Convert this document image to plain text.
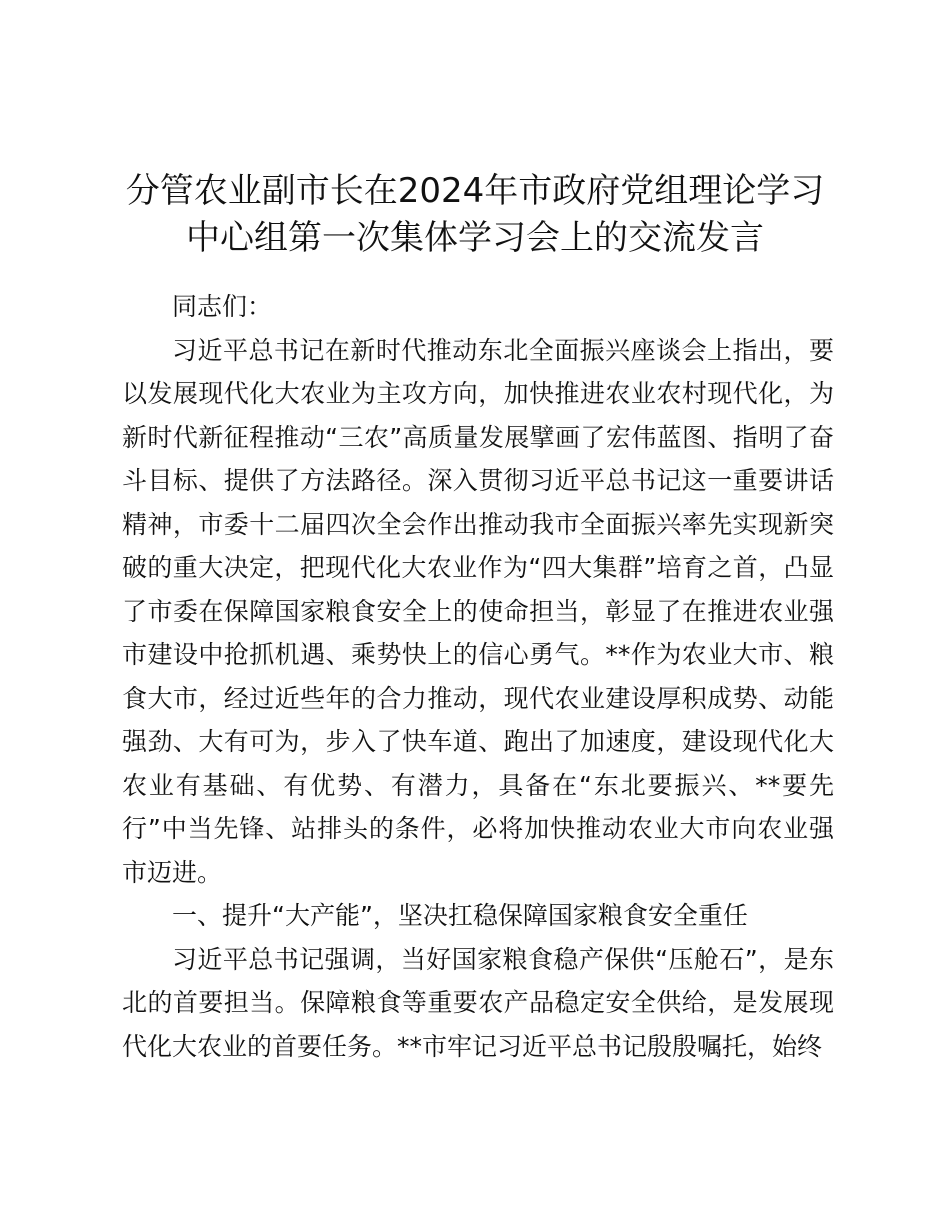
分管农业副市长在2024年市政府党组理论学习中心组第一次集体学习会上的交流发言

同志们：

习近平总书记在新时代推动东北全面振兴座谈会上指出，要以发展现代化大农业为主攻方向，加快推进农业农村现代化，为新时代新征程推动“三农”高质量发展擘画了宏伟蓝图、指明了奋斗目标、提供了方法路径。深入贯彻习近平总书记这一重要讲话精神，市委十二届四次全会作出推动我市全面振兴率先实现新突破的重大决定，把现代化大农业作为“四大集群”培育之首，凸显了市委在保障国家粮食安全上的使命担当，彰显了在推进农业强市建设中抢抓机遇、乘势快上的信心勇气。**作为农业大市、粮食大市，经过近些年的合力推动，现代农业建设厚积成势、动能强劲、大有可为，步入了快车道、跑出了加速度，建设现代化大农业有基础、有优势、有潜力，具备在“东北要振兴、**要先行”中当先锋、站排头的条件，必将加快推动农业大市向农业强市迈进。

一、提升“大产能”，坚决扛稳保障国家粮食安全重任

习近平总书记强调，当好国家粮食稳产保供“压舱石”，是东北的首要担当。保障粮食等重要农产品稳定安全供给，是发展现代化大农业的首要任务。**市牢记习近平总书记殷殷嘱托，始终
